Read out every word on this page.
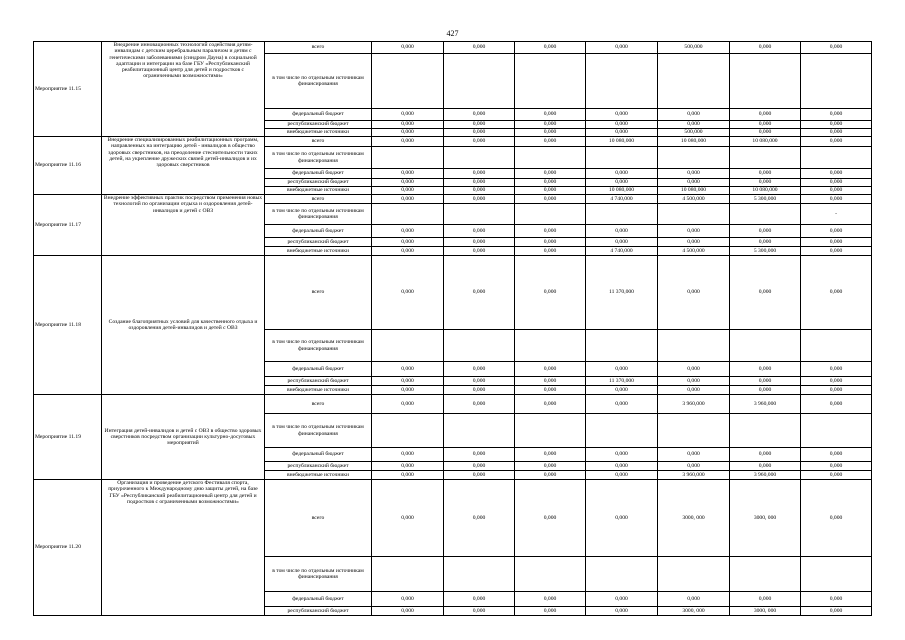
427
Мероприятие 11.15	Внедрение инновационных технологий содействия детям-инвалидам с детским церебральным параличом и детям с генетическими заболеваниями (синдром Дауна) в социальной адаптации и интеграции на базе ГБУ «Республиканский реабилитационный центр для детей и подростков с ограниченными возможностями»	всего	0,000	0,000	0,000	0,000	500,000	0,000	0,000
		в том числе по отдельным источникам финансирования							
		федеральный бюджет	0,000	0,000	0,000	0,000	0,000	0,000	0,000
		республиканский бюджет	0,000	0,000	0,000	0,000	0,000	0,000	0,000
		внебюджетные источники	0,000	0,000	0,000	0,000	500,000	0,000	0,000
Мероприятие 11.16	Внедрение специализированных реабилитационных программ, направленных на интеграцию детей - инвалидов в общество здоровых сверстников, на преодоление стеснительности таких детей, на укрепление дружеских связей детей-инвалидов и их здоровых сверстников	всего	0,000	0,000	0,000	10 080,000	10 080,000	10 080,000	0,000
		в том числе по отдельным источникам финансирования							
		федеральный бюджет	0,000	0,000	0,000	0,000	0,000	0,000	0,000
		республиканский бюджет	0,000	0,000	0,000	0,000	0,000	0,000	0,000
		внебюджетные источники	0,000	0,000	0,000	10 080,000	10 080,000	10 080,000	0,000
Мероприятие 11.17	Внедрение эффективных практик посредством применения новых технологий по организации отдыха и оздоровления детей-инвалидов и детей с ОВЗ	всего	0,000	0,000	0,000	4 740,000	4 500,000	5 300,000	0,000
		в том числе по отдельным источникам финансирования							-
		федеральный бюджет	0,000	0,000	0,000	0,000	0,000	0,000	0,000
		республиканский бюджет	0,000	0,000	0,000	0,000	0,000	0,000	0,000
		внебюджетные источники	0,000	0,000	0,000	4 740,000	4 500,000	5 300,000	0,000
Мероприятие 11.18	Создание благоприятных условий для качественного отдыха и оздоровления детей-инвалидов и детей с ОВЗ	всего	0,000	0,000	0,000	11 370,000	0,000	0,000	0,000
		в том числе по отдельным источникам финансирования							
		федеральный бюджет	0,000	0,000	0,000	0,000	0,000	0,000	0,000
		республиканский бюджет	0,000	0,000	0,000	11 370,000	0,000	0,000	0,000
		внебюджетные источники	0,000	0,000	0,000	0,000	0,000	0,000	0,000
Мероприятие 11.19	Интеграция детей-инвалидов и детей с ОВЗ в общество здоровых сверстников посредством организации культурно-досуговых мероприятий	всего	0,000	0,000	0,000	0,000	3 960,000	3 960,000	0,000
		в том числе по отдельным источникам финансирования							
		федеральный бюджет	0,000	0,000	0,000	0,000	0,000	0,000	0,000
		республиканский бюджет	0,000	0,000	0,000	0,000	0,000	0,000	0,000
		внебюджетные источники	0,000	0,000	0,000	0,000	3 960,000	3 960,000	0,000
Мероприятие 11.20	Организация и проведение детского Фестиваля спорта, приуроченного к Международному дню защиты детей, на базе ГБУ «Республиканский реабилитационный центр для детей и подростков с ограниченными возможностями»	всего	0,000	0,000	0,000	0,000	3000, 000	3000, 000	0,000
		в том числе по отдельным источникам финансирования							
		федеральный бюджет	0,000	0,000	0,000	0,000	0,000	0,000	0,000
		республиканский бюджет	0,000	0,000	0,000	0,000	3000, 000	3000, 000	0,000
